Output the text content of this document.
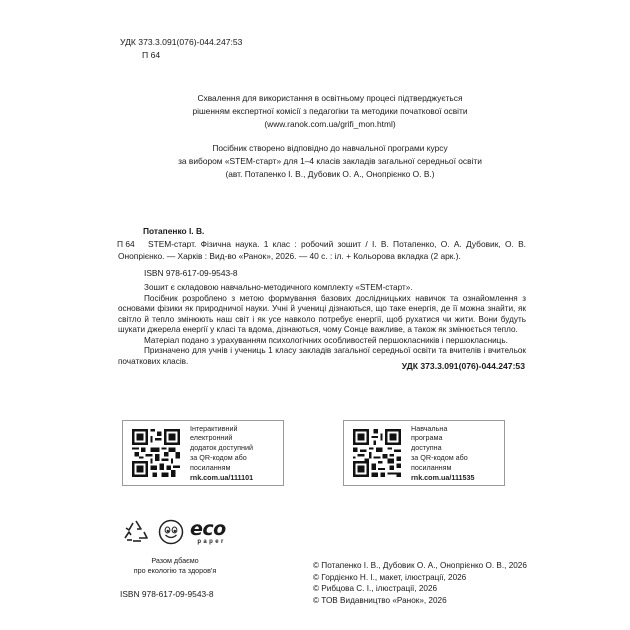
УДК 373.3.091(076)-044.247:53
П 64
Схвалення для використання в освітньому процесі підтверджується
рішенням експертної комісії з педагогіки та методики початкової освіти
(www.ranok.com.ua/grifi_mon.html)
Посібник створено відповідно до навчальної програми курсу
за вибором «STEM-старт» для 1–4 класів закладів загальної середньої освіти
(авт. Потапенко І. В., Дубовик О. А., Онопрієнко О. В.)
Потапенко І. В.
П 64	STEM-старт. Фізична наука. 1 клас : робочий зошит / І. В. Потапенко, О. А. Дубовик, О. В. Онопрієнко. — Харків : Вид-во «Ранок», 2026. — 40 с. : іл. + Кольорова вкладка (2 арк.).
ISBN 978-617-09-9543-8
Зошит є складовою навчально-методичного комплекту «STEM-старт».
Посібник розроблено з метою формування базових дослідницьких навичок та ознайомлення з основами фізики як природничої науки. Учні й учениці дізнаються, що таке енергія, де її можна знайти, як світло й тепло змінюють наш світ і як усе навколо потребує енергії, щоб рухатися чи жити. Вони будуть шукати джерела енергії у класі та вдома, дізнаються, чому Сонце важливе, а також як змінюється тепло.
Матеріал подано з урахуванням психологічних особливостей першокласників і першокласниць.
Призначено для учнів і учениць 1 класу закладів загальної середньої освіти та вчителів і вчительок початкових класів.	УДК 373.3.091(076)-044.247:53
Інтерактивний
електронний
додаток доступний
за QR-кодом або
посиланням
rnk.com.ua/111101
Навчальна
програма
доступна
за QR-кодом або
посиланням
rnk.com.ua/111535
eco
paper
Разом дбаємо
про екологію та здоров'я
ISBN 978-617-09-9543-8
© Потапенко І. В., Дубовик О. А., Онопрієнко О. В., 2026
© Гордієнко Н. І., макет, ілюстрації, 2026
© Рибцова С. І., ілюстрації, 2026
© ТОВ Видавництво «Ранок», 2026
